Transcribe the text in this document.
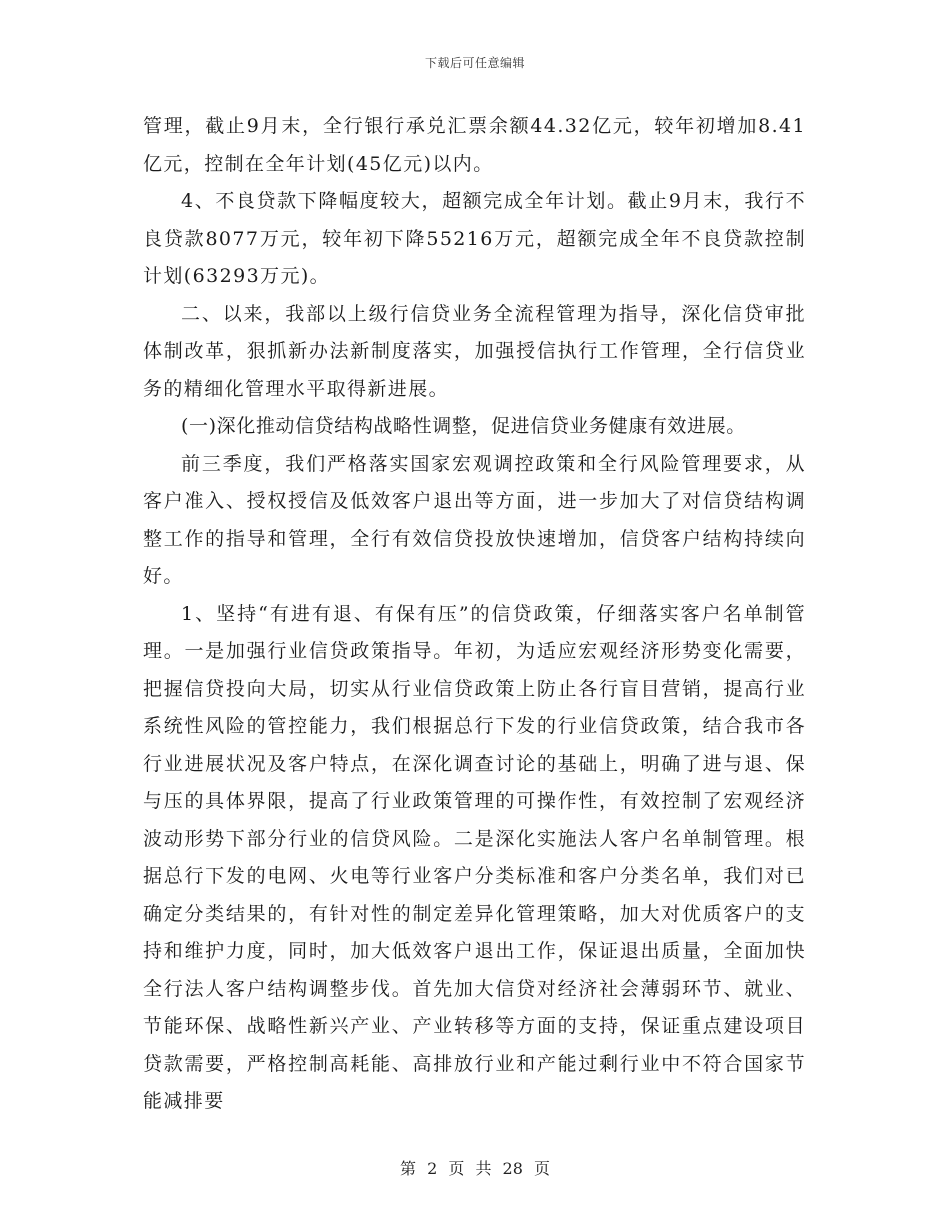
下载后可任意编辑

管理，截止9月末，全行银行承兑汇票余额44.32亿元，较年初增加8.41亿元，控制在全年计划(45亿元)以内。

4、不良贷款下降幅度较大，超额完成全年计划。截止9月末，我行不良贷款8077万元，较年初下降55216万元，超额完成全年不良贷款控制计划(63293万元)。

二、以来，我部以上级行信贷业务全流程管理为指导，深化信贷审批体制改革，狠抓新办法新制度落实，加强授信执行工作管理，全行信贷业务的精细化管理水平取得新进展。

(一)深化推动信贷结构战略性调整，促进信贷业务健康有效进展。

前三季度，我们严格落实国家宏观调控政策和全行风险管理要求，从客户准入、授权授信及低效客户退出等方面，进一步加大了对信贷结构调整工作的指导和管理，全行有效信贷投放快速增加，信贷客户结构持续向好。

1、坚持“有进有退、有保有压”的信贷政策，仔细落实客户名单制管理。一是加强行业信贷政策指导。年初，为适应宏观经济形势变化需要，把握信贷投向大局，切实从行业信贷政策上防止各行盲目营销，提高行业系统性风险的管控能力，我们根据总行下发的行业信贷政策，结合我市各行业进展状况及客户特点，在深化调查讨论的基础上，明确了进与退、保与压的具体界限，提高了行业政策管理的可操作性，有效控制了宏观经济波动形势下部分行业的信贷风险。二是深化实施法人客户名单制管理。根据总行下发的电网、火电等行业客户分类标准和客户分类名单，我们对已确定分类结果的，有针对性的制定差异化管理策略，加大对优质客户的支持和维护力度，同时，加大低效客户退出工作，保证退出质量，全面加快全行法人客户结构调整步伐。首先加大信贷对经济社会薄弱环节、就业、节能环保、战略性新兴产业、产业转移等方面的支持，保证重点建设项目贷款需要，严格控制高耗能、高排放行业和产能过剩行业中不符合国家节能减排要

第 2 页 共 28 页
